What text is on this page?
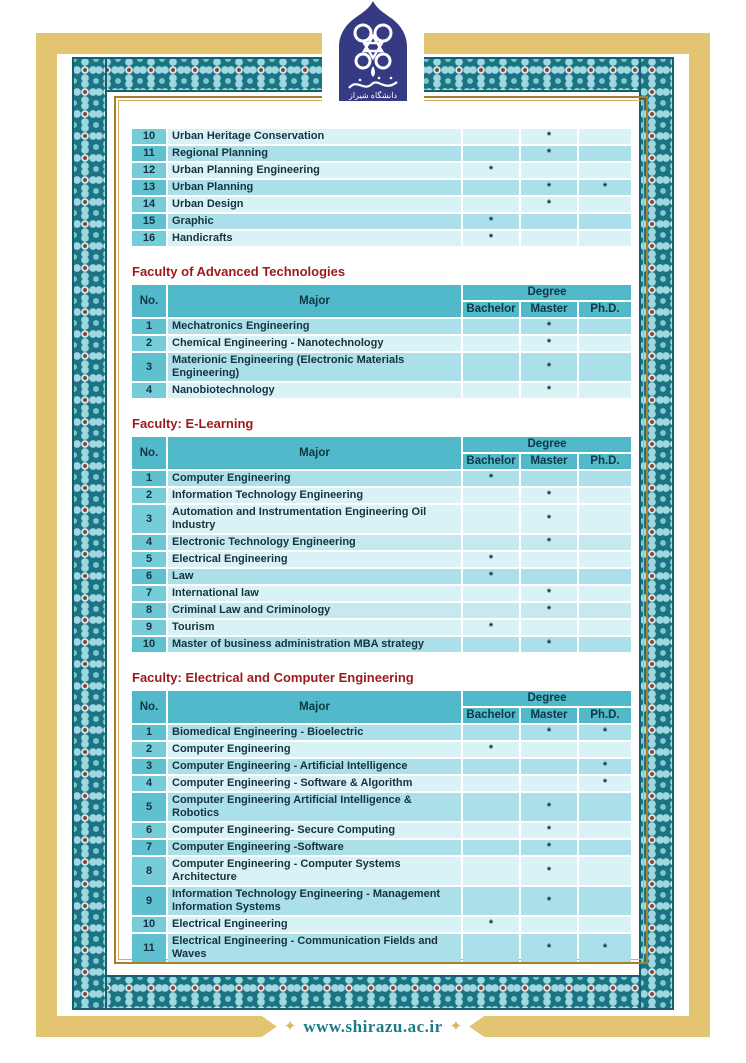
دانشگاه شیراز
10	Urban Heritage Conservation		*	
11	Regional Planning		*	
12	Urban Planning Engineering	*		
13	Urban Planning		*	*
14	Urban Design		*	
15	Graphic	*		
16	Handicrafts	*		
Faculty of Advanced Technologies
No.	Major	Degree		
		Bachelor	Master	Ph.D.
1	Mechatronics Engineering		*	
2	Chemical Engineering - Nanotechnology		*	
3	Materionic Engineering (Electronic Materials Engineering)		*	
4	Nanobiotechnology		*	
Faculty: E-Learning
No.	Major	Degree		
		Bachelor	Master	Ph.D.
1	Computer Engineering	*		
2	Information Technology Engineering		*	
3	Automation and Instrumentation Engineering Oil Industry		*	
4	Electronic Technology Engineering		*	
5	Electrical Engineering	*		
6	Law	*		
7	International law		*	
8	Criminal Law and Criminology		*	
9	Tourism	*		
10	Master of business administration MBA strategy		*	
Faculty: Electrical and Computer Engineering
No.	Major	Degree		
		Bachelor	Master	Ph.D.
1	Biomedical Engineering - Bioelectric		*	*
2	Computer Engineering	*		
3	Computer Engineering - Artificial Intelligence			*
4	Computer Engineering - Software & Algorithm			*
5	Computer Engineering Artificial Intelligence & Robotics		*	
6	Computer Engineering- Secure Computing		*	
7	Computer Engineering -Software		*	
8	Computer Engineering - Computer Systems Architecture		*	
9	Information Technology Engineering - Management Information Systems		*	
10	Electrical Engineering	*		
11	Electrical Engineering - Communication Fields and Waves		*	*
✦ www.shirazu.ac.ir ✦
